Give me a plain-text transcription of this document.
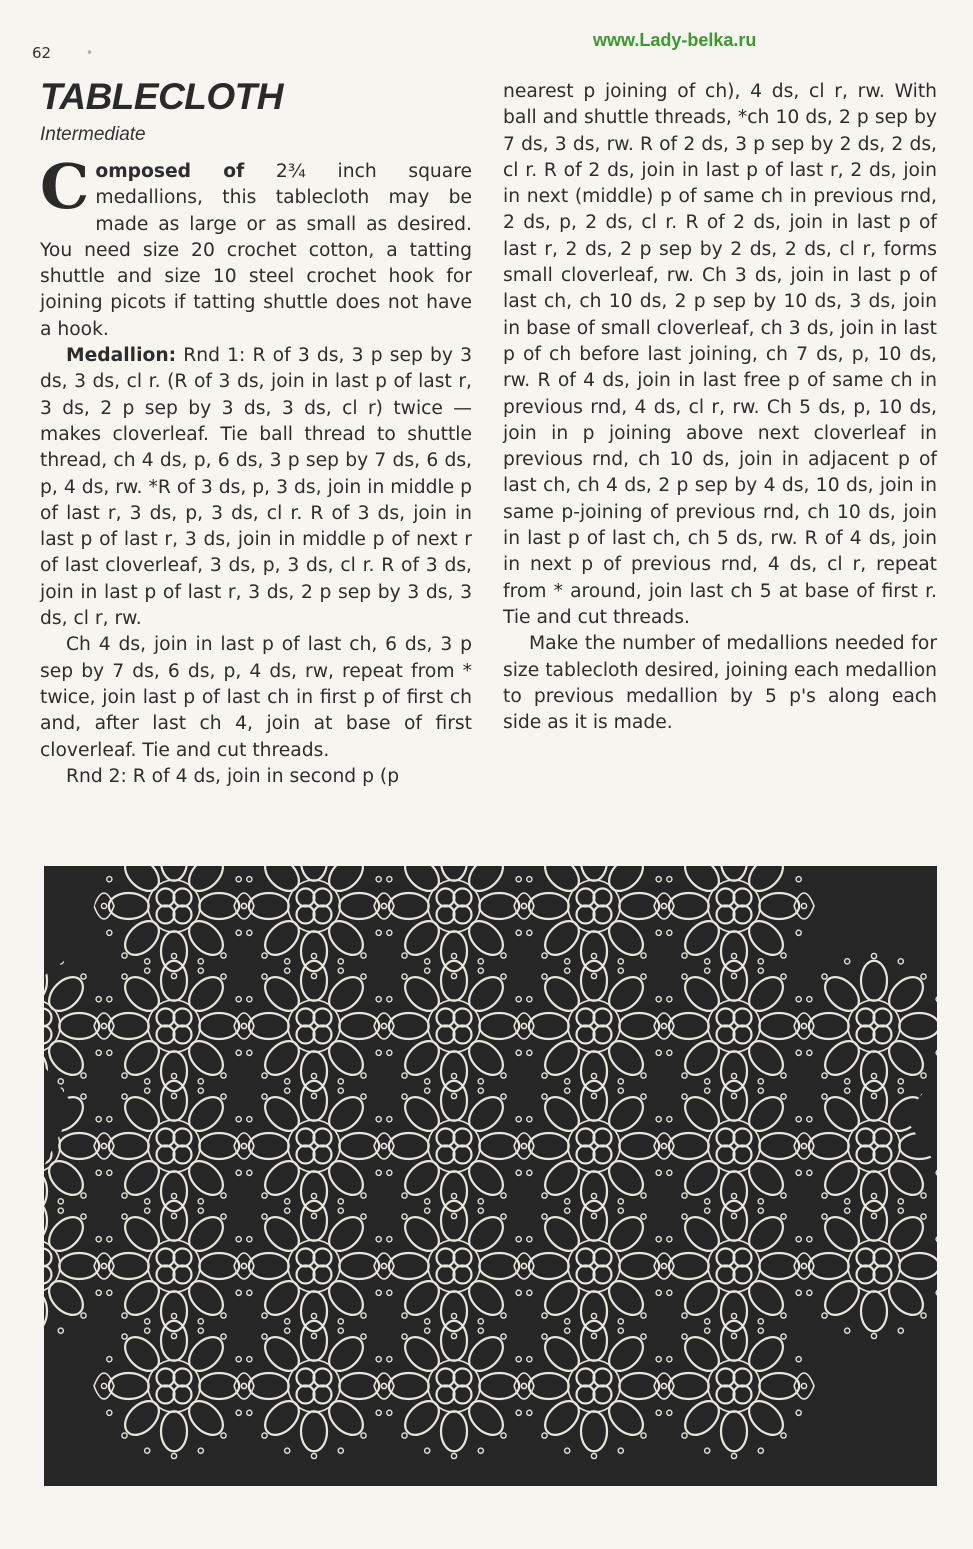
62	•
www.Lady-belka.ru
TABLECLOTH
Intermediate

Composed of 2¾ inch square medallions, this tablecloth may be made as large or as small as desired. You need size 20 crochet cotton, a tatting shuttle and size 10 steel crochet hook for joining picots if tatting shuttle does not have a hook.

Medallion: Rnd 1: R of 3 ds, 3 p sep by 3 ds, 3 ds, cl r. (R of 3 ds, join in last p of last r, 3 ds, 2 p sep by 3 ds, 3 ds, cl r) twice — makes cloverleaf. Tie ball thread to shuttle thread, ch 4 ds, p, 6 ds, 3 p sep by 7 ds, 6 ds, p, 4 ds, rw. *R of 3 ds, p, 3 ds, join in middle p of last r, 3 ds, p, 3 ds, cl r. R of 3 ds, join in last p of last r, 3 ds, join in middle p of next r of last cloverleaf, 3 ds, p, 3 ds, cl r. R of 3 ds, join in last p of last r, 3 ds, 2 p sep by 3 ds, 3 ds, cl r, rw.

Ch 4 ds, join in last p of last ch, 6 ds, 3 p sep by 7 ds, 6 ds, p, 4 ds, rw, repeat from * twice, join last p of last ch in first p of first ch and, after last ch 4, join at base of first cloverleaf. Tie and cut threads.

Rnd 2: R of 4 ds, join in second p (p

nearest p joining of ch), 4 ds, cl r, rw. With ball and shuttle threads, *ch 10 ds, 2 p sep by 7 ds, 3 ds, rw. R of 2 ds, 3 p sep by 2 ds, 2 ds, cl r. R of 2 ds, join in last p of last r, 2 ds, join in next (middle) p of same ch in previous rnd, 2 ds, p, 2 ds, cl r. R of 2 ds, join in last p of last r, 2 ds, 2 p sep by 2 ds, 2 ds, cl r, forms small cloverleaf, rw. Ch 3 ds, join in last p of last ch, ch 10 ds, 2 p sep by 10 ds, 3 ds, join in base of small cloverleaf, ch 3 ds, join in last p of ch before last joining, ch 7 ds, p, 10 ds, rw. R of 4 ds, join in last free p of same ch in previous rnd, 4 ds, cl r, rw. Ch 5 ds, p, 10 ds, join in p joining above next cloverleaf in previous rnd, ch 10 ds, join in adjacent p of last ch, ch 4 ds, 2 p sep by 4 ds, 10 ds, join in same p-joining of previous rnd, ch 10 ds, join in last p of last ch, ch 5 ds, rw. R of 4 ds, join in next p of previous rnd, 4 ds, cl r, repeat from * around, join last ch 5 at base of first r. Tie and cut threads.

Make the number of medallions needed for size tablecloth desired, joining each medallion to previous medallion by 5 p's along each side as it is made.
